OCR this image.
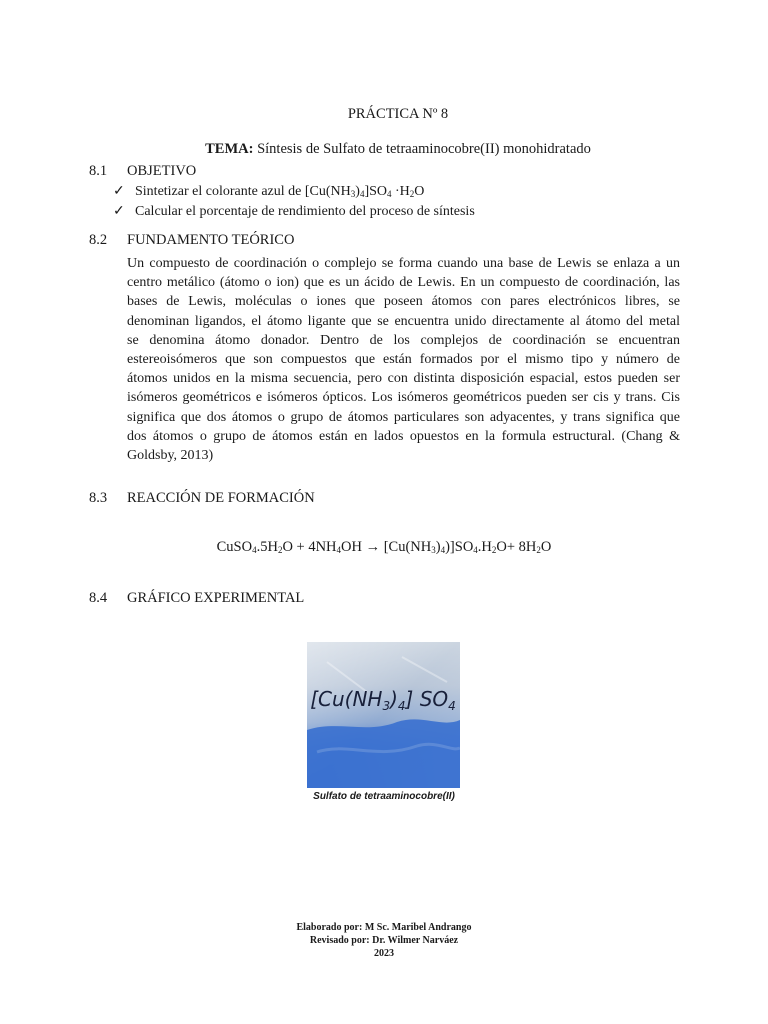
PRÁCTICA Nº 8
TEMA: Síntesis de Sulfato de tetraaminocobre(II) monohidratado
8.1 OBJETIVO
✓ Sintetizar el colorante azul de $[Cu(NH_3)_4]SO_4 \cdot H_2O$
✓ Calcular el porcentaje de rendimiento del proceso de síntesis
8.2 FUNDAMENTO TEÓRICO
Un compuesto de coordinación o complejo se forma cuando una base de Lewis se enlaza a un
centro metálico (átomo o ion) que es un ácido de Lewis. En un compuesto de coordinación, las
bases de Lewis, moléculas o iones que poseen átomos con pares electrónicos libres, se
denominan ligandos, el átomo ligante que se encuentra unido directamente al átomo del metal
se denomina átomo donador. Dentro de los complejos de coordinación se encuentran
estereoisómeros que son compuestos que están formados por el mismo tipo y número de
átomos unidos en la misma secuencia, pero con distinta disposición espacial, estos pueden ser
isómeros geométricos e isómeros ópticos. Los isómeros geométricos pueden ser cis y trans. Cis
significa que dos átomos o grupo de átomos particulares son adyacentes, y trans significa que
dos átomos o grupo de átomos están en lados opuestos en la formula estructural. (Chang &
Goldsby, 2013)
8.3 REACCIÓN DE FORMACIÓN
$CuSO_4.5H_2O + 4NH_4OH \to [Cu(NH_3)_4)]SO_4.H_2O+ 8H_2O$
8.4 GRÁFICO EXPERIMENTAL
$[Cu(NH_3)_4]$ $SO_4$
Sulfato de tetraaminocobre(II)
Elaborado por: M Sc. Maribel Andrango
Revisado por: Dr. Wilmer Narváez
2023
